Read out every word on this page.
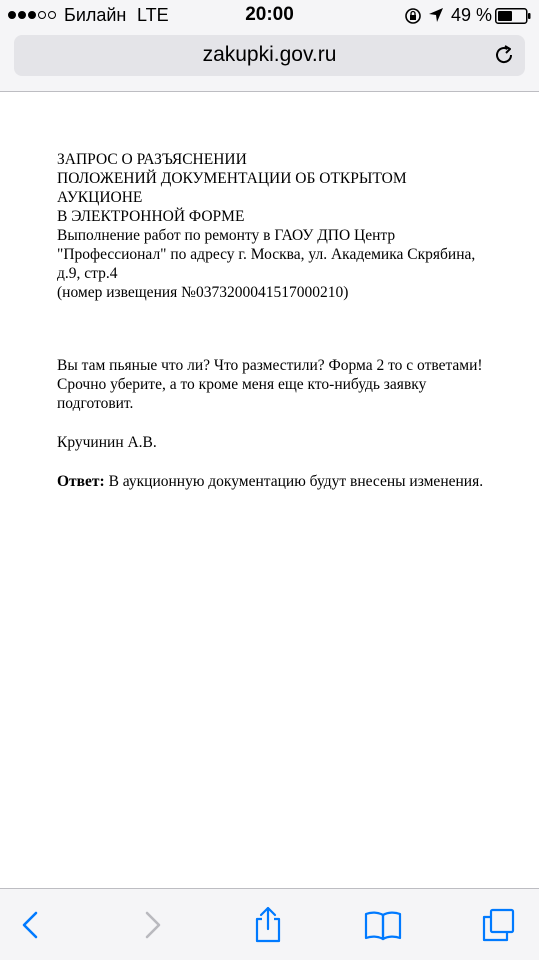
Билайн LTE	20:00	49 %
zakupki.gov.ru

ЗАПРОС О РАЗЪЯСНЕНИИ

ПОЛОЖЕНИЙ ДОКУМЕНТАЦИИ ОБ ОТКРЫТОМ

АУКЦИОНЕ

В ЭЛЕКТРОННОЙ ФОРМЕ

Выполнение работ по ремонту в ГАОУ ДПО Центр

"Профессионал" по адресу г. Москва, ул. Академика Скрябина,

д.9, стр.4

(номер извещения №0373200041517000210)

Вы там пьяные что ли? Что разместили? Форма 2 то с ответами! Срочно уберите, а то кроме меня еще кто-нибудь заявку подготовит.

Кручинин А.В.

Ответ: В аукционную документацию будут внесены изменения.
